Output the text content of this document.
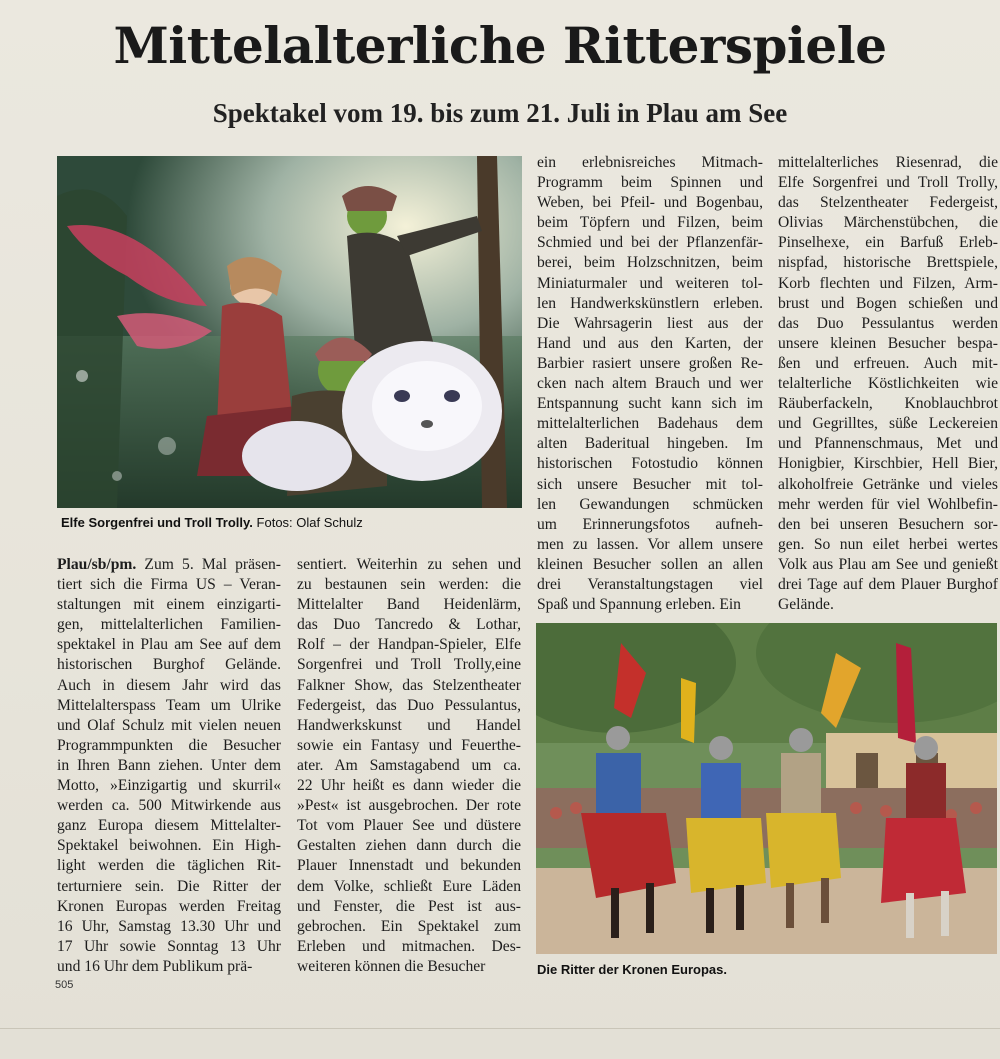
Mittelalterliche Ritterspiele
Spektakel vom 19. bis zum 21. Juli in Plau am See
Elfe Sorgenfrei und Troll Trolly. Fotos: Olaf Schulz
Die Ritter der Kronen Europas.
Plau/sb/pm. Zum 5. Mal präsen-
tiert sich die Firma US – Veran-
staltungen mit einem einzigarti-
gen, mittelalterlichen Familien-
spektakel in Plau am See auf dem
historischen Burghof Gelände.
Auch in diesem Jahr wird das
Mittelalterspass Team um Ulrike
und Olaf Schulz mit vielen neuen
Programmpunkten die Besucher
in Ihren Bann ziehen. Unter dem
Motto, »Einzigartig und skurril«
werden ca. 500 Mitwirkende aus
ganz Europa diesem Mittelalter-
Spektakel beiwohnen. Ein High-
light werden die täglichen Rit-
terturniere sein. Die Ritter der
Kronen Europas werden Freitag
16 Uhr, Samstag 13.30 Uhr und
17 Uhr sowie Sonntag 13 Uhr
und 16 Uhr dem Publikum prä-
sentiert. Weiterhin zu sehen und
zu bestaunen sein werden: die
Mittelalter Band Heidenlärm,
das Duo Tancredo & Lothar,
Rolf – der Handpan-Spieler, Elfe
Sorgenfrei und Troll Trolly,eine
Falkner Show, das Stelzentheater
Federgeist, das Duo Pessulantus,
Handwerkskunst und Handel
sowie ein Fantasy und Feuerthe-
ater. Am Samstagabend um ca.
22 Uhr heißt es dann wieder die
»Pest« ist ausgebrochen. Der rote
Tot vom Plauer See und düstere
Gestalten ziehen dann durch die
Plauer Innenstadt und bekunden
dem Volke, schließt Eure Läden
und Fenster, die Pest ist aus-
gebrochen. Ein Spektakel zum
Erleben und mitmachen. Des-
weiteren können die Besucher
ein erlebnisreiches Mitmach-
Programm beim Spinnen und
Weben, bei Pfeil- und Bogenbau,
beim Töpfern und Filzen, beim
Schmied und bei der Pflanzenfär-
berei, beim Holzschnitzen, beim
Miniaturmaler und weiteren tol-
len Handwerkskünstlern erleben.
Die Wahrsagerin liest aus der
Hand und aus den Karten, der
Barbier rasiert unsere großen Re-
cken nach altem Brauch und wer
Entspannung sucht kann sich im
mittelalterlichen Badehaus dem
alten Baderitual hingeben. Im
historischen Fotostudio können
sich unsere Besucher mit tol-
len Gewandungen schmücken
um Erinnerungsfotos aufneh-
men zu lassen. Vor allem unsere
kleinen Besucher sollen an allen
drei Veranstaltungstagen viel
Spaß und Spannung erleben. Ein
mittelalterliches Riesenrad, die
Elfe Sorgenfrei und Troll Trolly,
das Stelzentheater Federgeist,
Olivias Märchenstübchen, die
Pinselhexe, ein Barfuß Erleb-
nispfad, historische Brettspiele,
Korb flechten und Filzen, Arm-
brust und Bogen schießen und
das Duo Pessulantus werden
unsere kleinen Besucher bespa-
ßen und erfreuen. Auch mit-
telalterliche Köstlichkeiten wie
Räuberfackeln, Knoblauchbrot
und Gegrilltes, süße Leckereien
und Pfannenschmaus, Met und
Honigbier, Kirschbier, Hell Bier,
alkoholfreie Getränke und vieles
mehr werden für viel Wohlbefin-
den bei unseren Besuchern sor-
gen. So nun eilet herbei wertes
Volk aus Plau am See und genießt
drei Tage auf dem Plauer Burghof
Gelände.
505
